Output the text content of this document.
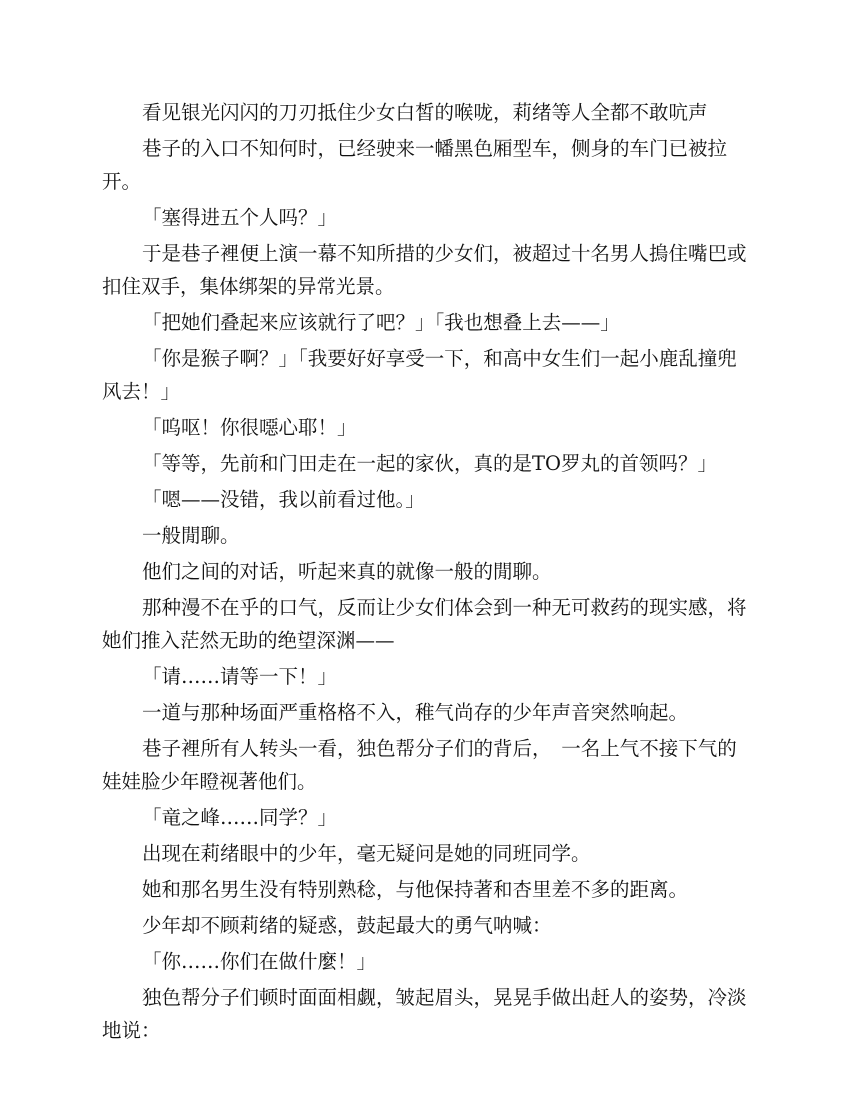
看见银光闪闪的刀刃抵住少女白皙的喉咙，莉绪等人全都不敢吭声

巷子的入口不知何时，已经驶来一幡黑色厢型车，侧身的车门已被拉开。

「塞得进五个人吗？」

于是巷子裡便上演一幕不知所措的少女们，被超过十名男人摀住嘴巴或扣住双手，集体绑架的异常光景。

「把她们叠起来应该就行了吧？」「我也想叠上去——」

「你是猴子啊？」「我要好好享受一下，和高中女生们一起小鹿乱撞兜风去！」

「呜呕！你很噁心耶！」

「等等，先前和门田走在一起的家伙，真的是TO罗丸的首领吗？」

「嗯——没错，我以前看过他。」

一般閒聊。

他们之间的对话，听起来真的就像一般的閒聊。

那种漫不在乎的口气，反而让少女们体会到一种无可救药的现实感，将她们推入茫然无助的绝望深渊——

「请……请等一下！」

一道与那种场面严重格格不入，稚气尚存的少年声音突然响起。

巷子裡所有人转头一看，独色帮分子们的背后，　一名上气不接下气的娃娃脸少年瞪视著他们。

「竜之峰……同学？」

出现在莉绪眼中的少年，毫无疑问是她的同班同学。

她和那名男生没有特别熟稔，与他保持著和杏里差不多的距离。

少年却不顾莉绪的疑惑，鼓起最大的勇气呐喊：

「你……你们在做什麼！」

独色帮分子们顿时面面相觑，皱起眉头，晃晃手做出赶人的姿势，冷淡地说：
